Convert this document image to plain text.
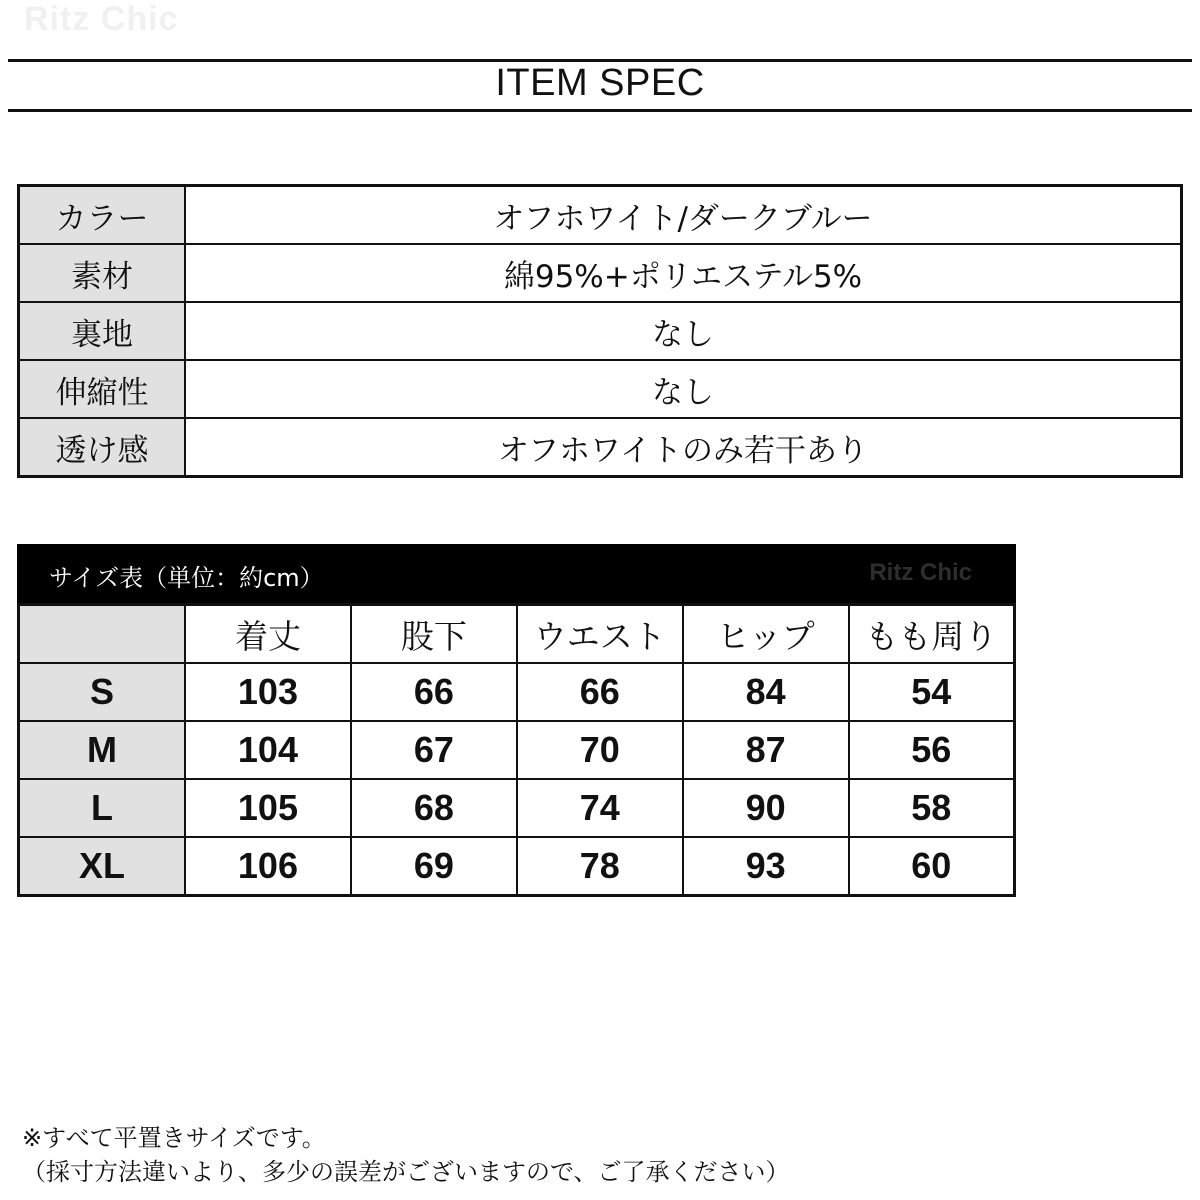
Ritz Chic
ITEM SPEC
カラー	オフホワイト/ダークブルー
素材	綿95%+ポリエステル5%
裏地	なし
伸縮性	なし
透け感	オフホワイトのみ若干あり
サイズ表（単位：約cm）	Ritz Chic
	着丈	股下	ウエスト	ヒップ	もも周り
S	103	66	66	84	54
M	104	67	70	87	56
L	105	68	74	90	58
XL	106	69	78	93	60
※すべて平置きサイズです。
（採寸方法違いより、多少の誤差がございますので、ご了承ください）
